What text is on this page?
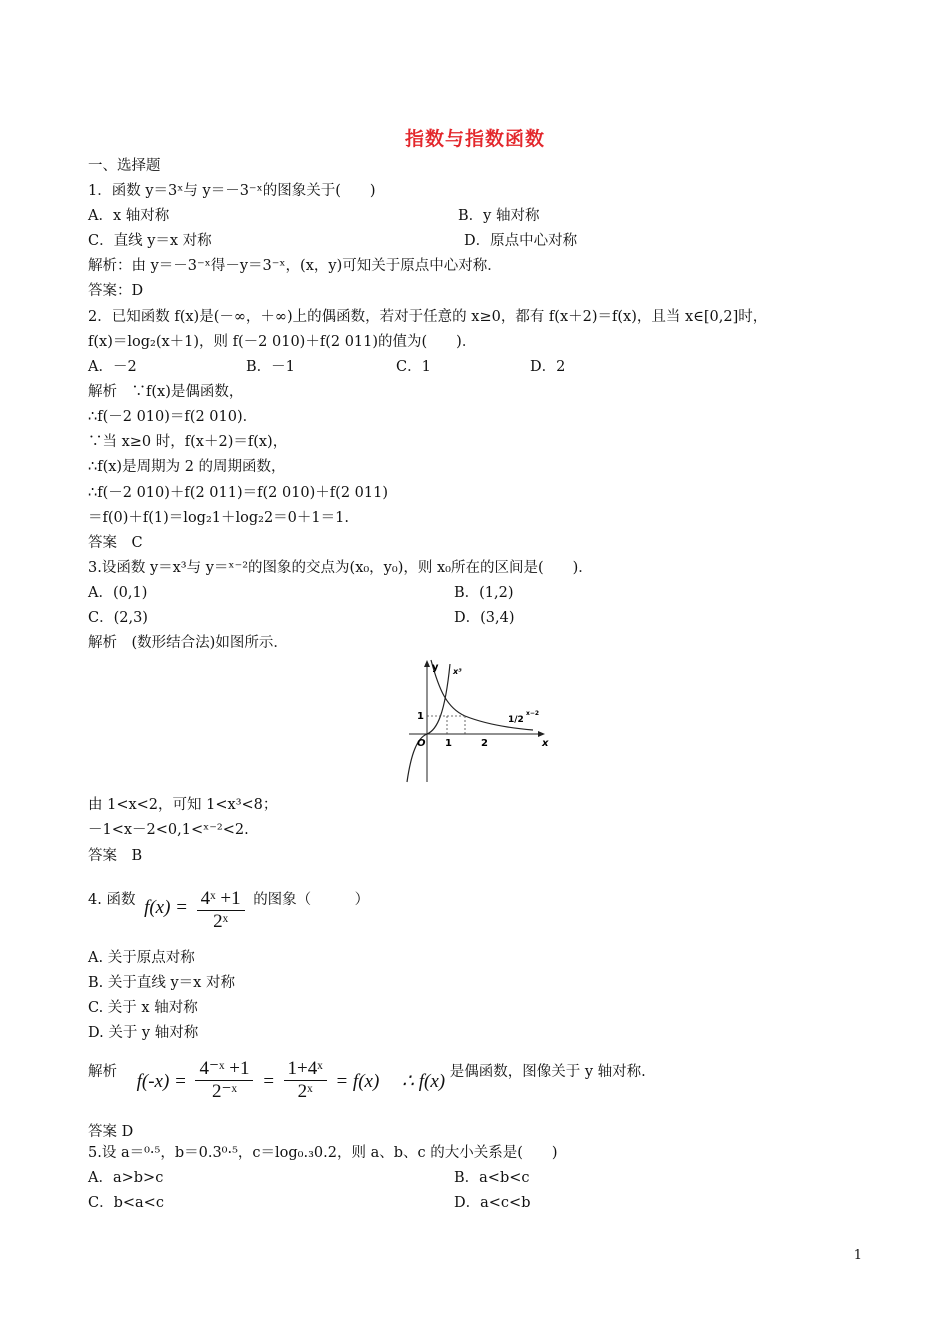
指数与指数函数
一、选择题
1．函数 y＝3ˣ与 y＝－3⁻ˣ的图象关于(　　)
A．x 轴对称	B．y 轴对称
C．直线 y＝x 对称	D．原点中心对称
解析：由 y＝－3⁻ˣ得－y＝3⁻ˣ，(x，y)可知关于原点中心对称．
答案：D
2．已知函数 f(x)是(－∞，＋∞)上的偶函数，若对于任意的 x≥0，都有 f(x＋2)＝f(x)，且当 x∈[0,2]时，
f(x)＝log₂(x＋1)，则 f(－2 010)＋f(2 011)的值为(　　)．
A．－2	B．－1	C．1	D．2
解析　∵f(x)是偶函数，
∴f(－2 010)＝f(2 010)．
∵当 x≥0 时，f(x＋2)＝f(x)，
∴f(x)是周期为 2 的周期函数，
∴f(－2 010)＋f(2 011)＝f(2 010)＋f(2 011)
＝f(0)＋f(1)＝log₂1＋log₂2＝0＋1＝1.
答案　C
3.设函数 y＝x³与 y＝ˣ⁻²的图象的交点为(x₀，y₀)，则 x₀所在的区间是(　　)．
A．(0,1)	B．(1,2)
C．(2,3)	D．(3,4)
解析　(数形结合法)如图所示．
y
x
x³
1/2
x−2
1
O 1	2
由 1<x<2，可知 1<x³<8；
－1<x－2<0,1<ˣ⁻²<2.
答案　B
4. 函数 $f(x) = \frac{\text{4ˣ +1}}{\text{2ˣ}}$ 的图象（　　　）
A. 关于原点对称
B. 关于直线 y＝x 对称
C. 关于 x 轴对称
D. 关于 y 轴对称
解析 $f(-x) = \frac{\text{4⁻ˣ +1}}{\text{2⁻ˣ}} = \frac{\text{1+4ˣ}}{\text{2ˣ}} = f(x)$ ∴ f(x) 是偶函数，图像关于 y 轴对称.
答案 D
5.设 a＝⁰·⁵，b＝0.3⁰·⁵，c＝log₀.₃0.2，则 a、b、c 的大小关系是(　　)
A．a>b>c	B．a<b<c
C．b<a<c	D．a<c<b
1
